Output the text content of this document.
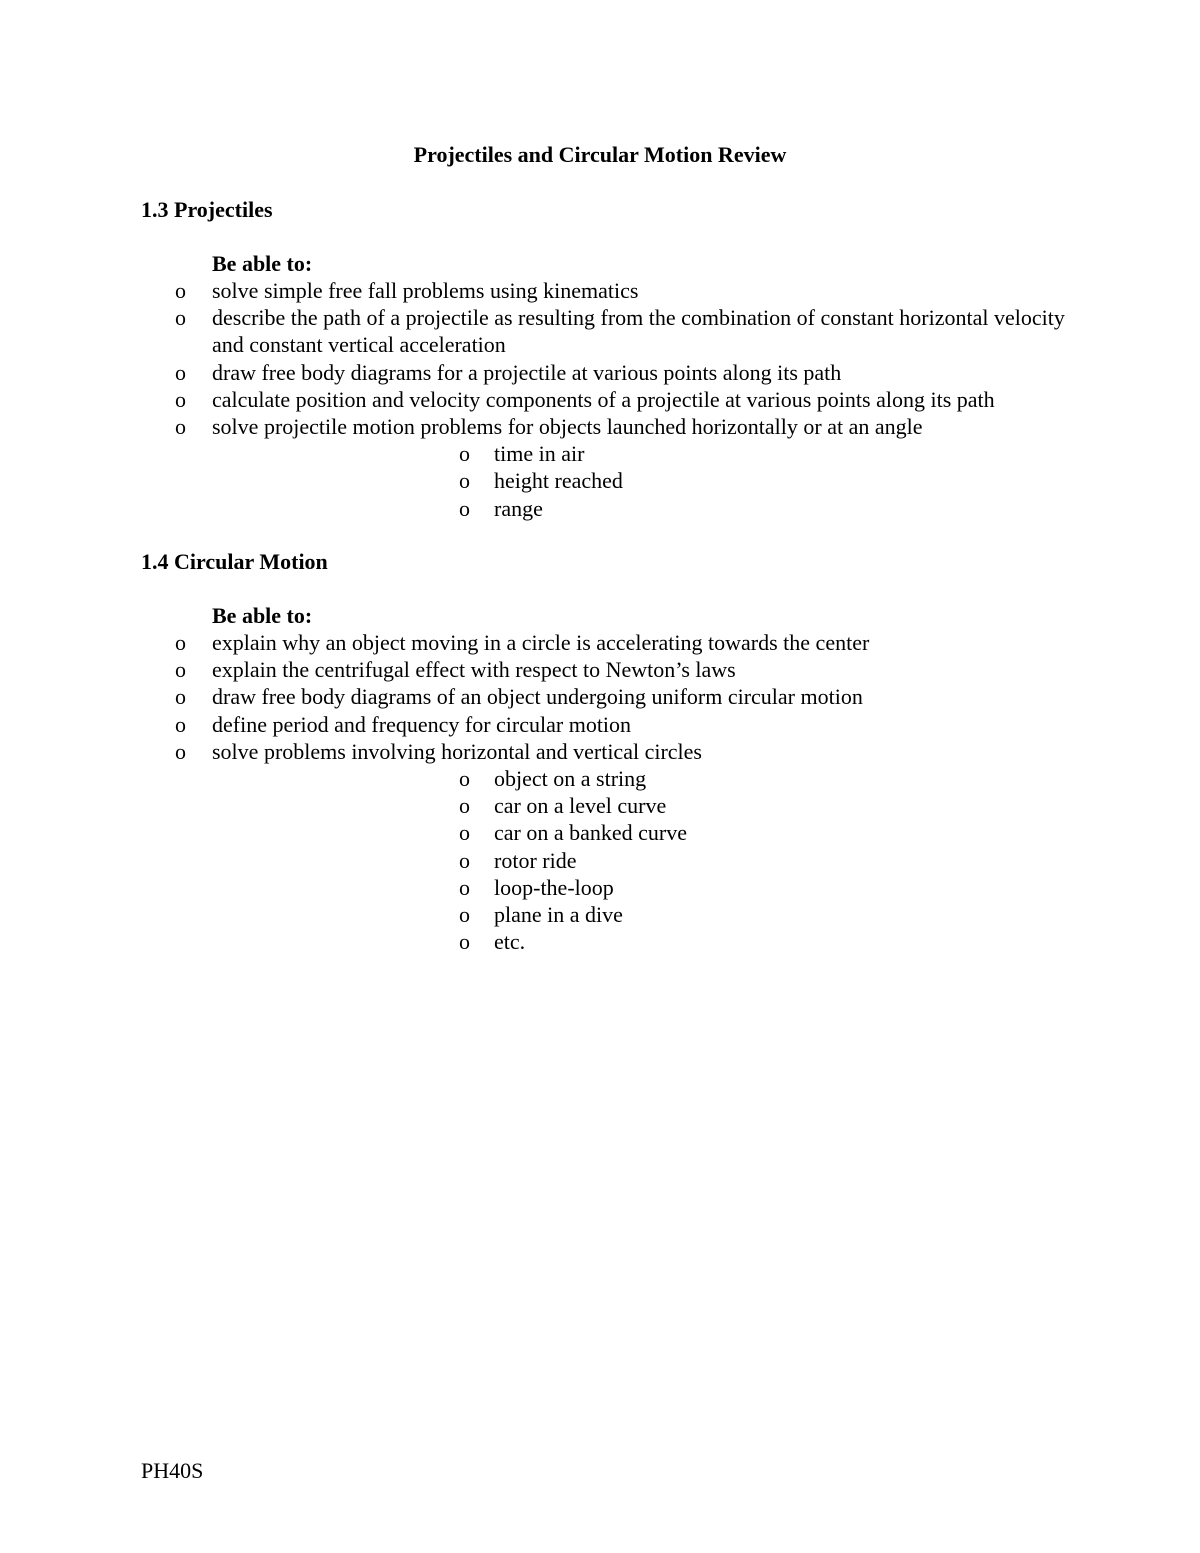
Projectiles and Circular Motion Review
1.3 Projectiles
Be able to:
o solve simple free fall problems using kinematics
o describe the path of a projectile as resulting from the combination of constant horizontal velocity and constant vertical acceleration
o draw free body diagrams for a projectile at various points along its path
o calculate position and velocity components of a projectile at various points along its path
o solve projectile motion problems for objects launched horizontally or at an angle
o time in air
o height reached
o range
1.4 Circular Motion
Be able to:
o explain why an object moving in a circle is accelerating towards the center
o explain the centrifugal effect with respect to Newton’s laws
o draw free body diagrams of an object undergoing uniform circular motion
o define period and frequency for circular motion
o solve problems involving horizontal and vertical circles
o object on a string
o car on a level curve
o car on a banked curve
o rotor ride
o loop-the-loop
o plane in a dive
o etc.
PH40S
